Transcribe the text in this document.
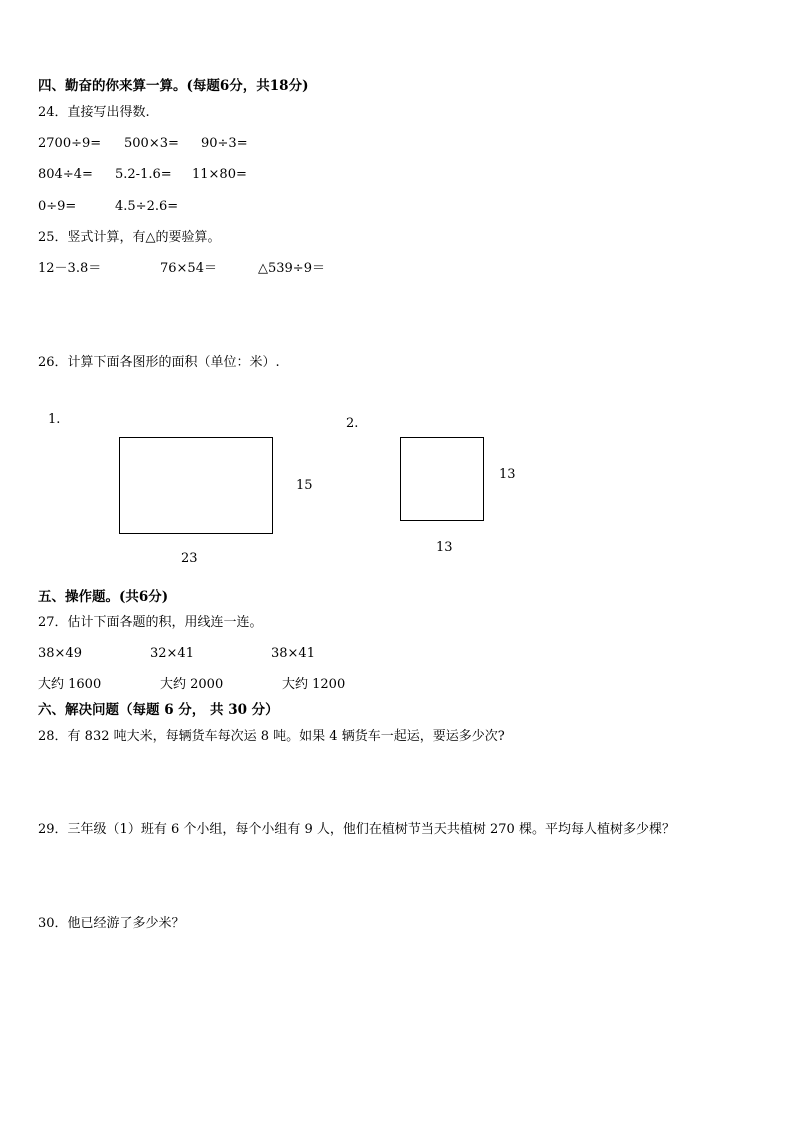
四、勤奋的你来算一算。(每题6分，共18分)
24．直接写出得数.
2700÷9= 500×3= 90÷3=
804÷4= 5.2-1.6= 11×80=
0÷9=	4.5÷2.6=
25．竖式计算，有△的要验算。
12－3.8＝	76×54＝	△539÷9＝
26．计算下面各图形的面积（单位：米）.
1.
15
23
2.
13
13
五、操作题。(共6分)
27．估计下面各题的积，用线连一连。
38×49	32×41	38×41
大约 1600	大约 2000	大约 1200
六、解决问题（每题 6 分， 共 30 分）
28．有 832 吨大米，每辆货车每次运 8 吨。如果 4 辆货车一起运，要运多少次?
29．三年级（1）班有 6 个小组，每个小组有 9 人，他们在植树节当天共植树 270 棵。平均每人植树多少棵？
30．他已经游了多少米？
